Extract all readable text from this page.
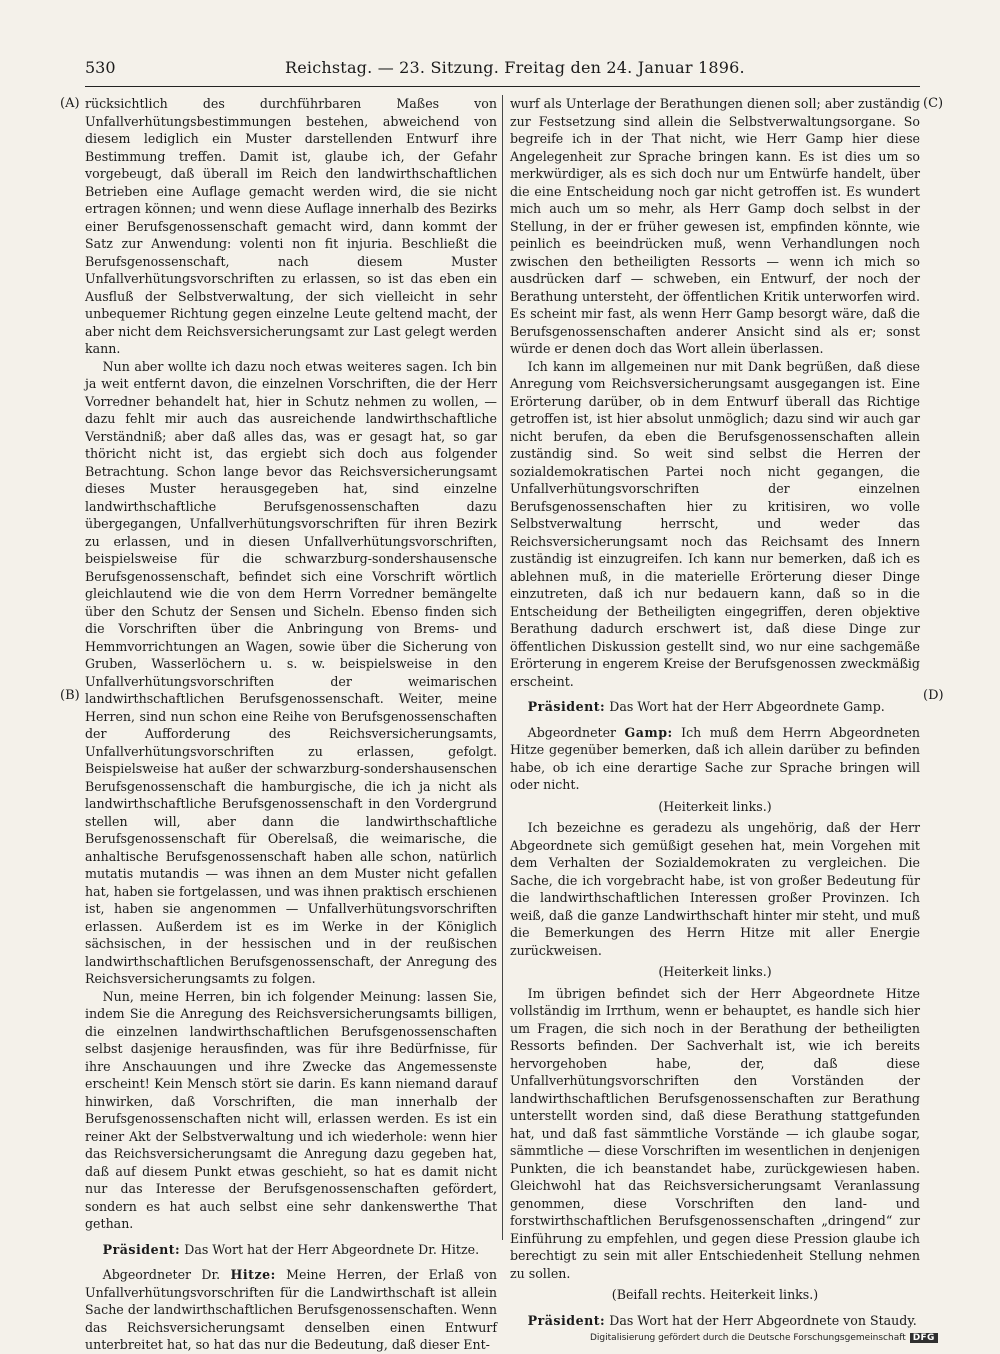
530	Reichstag. — 23. Sitzung. Freitag den 24. Januar 1896.
(A)
(B)
(C)
(D)

rücksichtlich des durchführbaren Maßes von Unfallverhütungsbestimmungen bestehen, abweichend von diesem lediglich ein Muster darstellenden Entwurf ihre Bestimmung treffen. Damit ist, glaube ich, der Gefahr vorgebeugt, daß überall im Reich den landwirthschaftlichen Betrieben eine Auflage gemacht werden wird, die sie nicht ertragen können; und wenn diese Auflage innerhalb des Bezirks einer Berufsgenossenschaft gemacht wird, dann kommt der Satz zur Anwendung: volenti non fit injuria. Beschließt die Berufsgenossenschaft, nach diesem Muster Unfallverhütungsvorschriften zu erlassen, so ist das eben ein Ausfluß der Selbstverwaltung, der sich vielleicht in sehr unbequemer Richtung gegen einzelne Leute geltend macht, der aber nicht dem Reichsversicherungsamt zur Last gelegt werden kann.

Nun aber wollte ich dazu noch etwas weiteres sagen. Ich bin ja weit entfernt davon, die einzelnen Vorschriften, die der Herr Vorredner behandelt hat, hier in Schutz nehmen zu wollen, — dazu fehlt mir auch das ausreichende landwirthschaftliche Verständniß; aber daß alles das, was er gesagt hat, so gar thöricht nicht ist, das ergiebt sich doch aus folgender Betrachtung. Schon lange bevor das Reichsversicherungsamt dieses Muster herausgegeben hat, sind einzelne landwirthschaftliche Berufsgenossenschaften dazu übergegangen, Unfallverhütungsvorschriften für ihren Bezirk zu erlassen, und in diesen Unfallverhütungsvorschriften, beispielsweise für die schwarzburg-sondershausensche Berufsgenossenschaft, befindet sich eine Vorschrift wörtlich gleichlautend wie die von dem Herrn Vorredner bemängelte über den Schutz der Sensen und Sicheln. Ebenso finden sich die Vorschriften über die Anbringung von Brems- und Hemmvorrichtungen an Wagen, sowie über die Sicherung von Gruben, Wasserlöchern u. s. w. beispielsweise in den Unfallverhütungsvorschriften der weimarischen landwirthschaftlichen Berufsgenossenschaft. Weiter, meine Herren, sind nun schon eine Reihe von Berufsgenossenschaften der Aufforderung des Reichsversicherungsamts, Unfallverhütungsvorschriften zu erlassen, gefolgt. Beispielsweise hat außer der schwarzburg-sondershausenschen Berufsgenossenschaft die hamburgische, die ich ja nicht als landwirthschaftliche Berufsgenossenschaft in den Vordergrund stellen will, aber dann die landwirthschaftliche Berufsgenossenschaft für Oberelsaß, die weimarische, die anhaltische Berufsgenossenschaft haben alle schon, natürlich mutatis mutandis — was ihnen an dem Muster nicht gefallen hat, haben sie fortgelassen, und was ihnen praktisch erschienen ist, haben sie angenommen — Unfallverhütungsvorschriften erlassen. Außerdem ist es im Werke in der Königlich sächsischen, in der hessischen und in der reußischen landwirthschaftlichen Berufsgenossenschaft, der Anregung des Reichsversicherungsamts zu folgen.

Nun, meine Herren, bin ich folgender Meinung: lassen Sie, indem Sie die Anregung des Reichsversicherungsamts billigen, die einzelnen landwirthschaftlichen Berufsgenossenschaften selbst dasjenige herausfinden, was für ihre Bedürfnisse, für ihre Anschauungen und ihre Zwecke das Angemessenste erscheint! Kein Mensch stört sie darin. Es kann niemand darauf hinwirken, daß Vorschriften, die man innerhalb der Berufsgenossenschaften nicht will, erlassen werden. Es ist ein reiner Akt der Selbstverwaltung und ich wiederhole: wenn hier das Reichsversicherungsamt die Anregung dazu gegeben hat, daß auf diesem Punkt etwas geschieht, so hat es damit nicht nur das Interesse der Berufsgenossenschaften gefördert, sondern es hat auch selbst eine sehr dankenswerthe That gethan.

Präsident: Das Wort hat der Herr Abgeordnete Dr. Hitze.

Abgeordneter Dr. Hitze: Meine Herren, der Erlaß von Unfallverhütungsvorschriften für die Landwirthschaft ist allein Sache der landwirthschaftlichen Berufsgenossenschaften. Wenn das Reichsversicherungsamt denselben einen Entwurf unterbreitet hat, so hat das nur die Bedeutung, daß dieser Ent-

wurf als Unterlage der Berathungen dienen soll; aber zuständig zur Festsetzung sind allein die Selbstverwaltungsorgane. So begreife ich in der That nicht, wie Herr Gamp hier diese Angelegenheit zur Sprache bringen kann. Es ist dies um so merkwürdiger, als es sich doch nur um Entwürfe handelt, über die eine Entscheidung noch gar nicht getroffen ist. Es wundert mich auch um so mehr, als Herr Gamp doch selbst in der Stellung, in der er früher gewesen ist, empfinden könnte, wie peinlich es beeindrücken muß, wenn Verhandlungen noch zwischen den betheiligten Ressorts — wenn ich mich so ausdrücken darf — schweben, ein Entwurf, der noch der Berathung untersteht, der öffentlichen Kritik unterworfen wird. Es scheint mir fast, als wenn Herr Gamp besorgt wäre, daß die Berufsgenossenschaften anderer Ansicht sind als er; sonst würde er denen doch das Wort allein überlassen.

Ich kann im allgemeinen nur mit Dank begrüßen, daß diese Anregung vom Reichsversicherungsamt ausgegangen ist. Eine Erörterung darüber, ob in dem Entwurf überall das Richtige getroffen ist, ist hier absolut unmöglich; dazu sind wir auch gar nicht berufen, da eben die Berufsgenossenschaften allein zuständig sind. So weit sind selbst die Herren der sozialdemokratischen Partei noch nicht gegangen, die Unfallverhütungsvorschriften der einzelnen Berufsgenossenschaften hier zu kritisiren, wo volle Selbstverwaltung herrscht, und weder das Reichsversicherungsamt noch das Reichsamt des Innern zuständig ist einzugreifen. Ich kann nur bemerken, daß ich es ablehnen muß, in die materielle Erörterung dieser Dinge einzutreten, daß ich nur bedauern kann, daß so in die Entscheidung der Betheiligten eingegriffen, deren objektive Berathung dadurch erschwert ist, daß diese Dinge zur öffentlichen Diskussion gestellt sind, wo nur eine sachgemäße Erörterung in engerem Kreise der Berufsgenossen zweckmäßig erscheint.

Präsident: Das Wort hat der Herr Abgeordnete Gamp.

Abgeordneter Gamp: Ich muß dem Herrn Abgeordneten Hitze gegenüber bemerken, daß ich allein darüber zu befinden habe, ob ich eine derartige Sache zur Sprache bringen will oder nicht.

(Heiterkeit links.)

Ich bezeichne es geradezu als ungehörig, daß der Herr Abgeordnete sich gemüßigt gesehen hat, mein Vorgehen mit dem Verhalten der Sozialdemokraten zu vergleichen. Die Sache, die ich vorgebracht habe, ist von großer Bedeutung für die landwirthschaftlichen Interessen großer Provinzen. Ich weiß, daß die ganze Landwirthschaft hinter mir steht, und muß die Bemerkungen des Herrn Hitze mit aller Energie zurückweisen.

(Heiterkeit links.)

Im übrigen befindet sich der Herr Abgeordnete Hitze vollständig im Irrthum, wenn er behauptet, es handle sich hier um Fragen, die sich noch in der Berathung der betheiligten Ressorts befinden. Der Sachverhalt ist, wie ich bereits hervorgehoben habe, der, daß diese Unfallverhütungsvorschriften den Vorständen der landwirthschaftlichen Berufsgenossenschaften zur Berathung unterstellt worden sind, daß diese Berathung stattgefunden hat, und daß fast sämmtliche Vorstände — ich glaube sogar, sämmtliche — diese Vorschriften im wesentlichen in denjenigen Punkten, die ich beanstandet habe, zurückgewiesen haben. Gleichwohl hat das Reichsversicherungsamt Veranlassung genommen, diese Vorschriften den land- und forstwirthschaftlichen Berufsgenossenschaften „dringend“ zur Einführung zu empfehlen, und gegen diese Pression glaube ich berechtigt zu sein mit aller Entschiedenheit Stellung nehmen zu sollen.

(Beifall rechts. Heiterkeit links.)

Präsident: Das Wort hat der Herr Abgeordnete von Staudy.

Digitalisierung gefördert durch die Deutsche Forschungsgemeinschaft DFG
